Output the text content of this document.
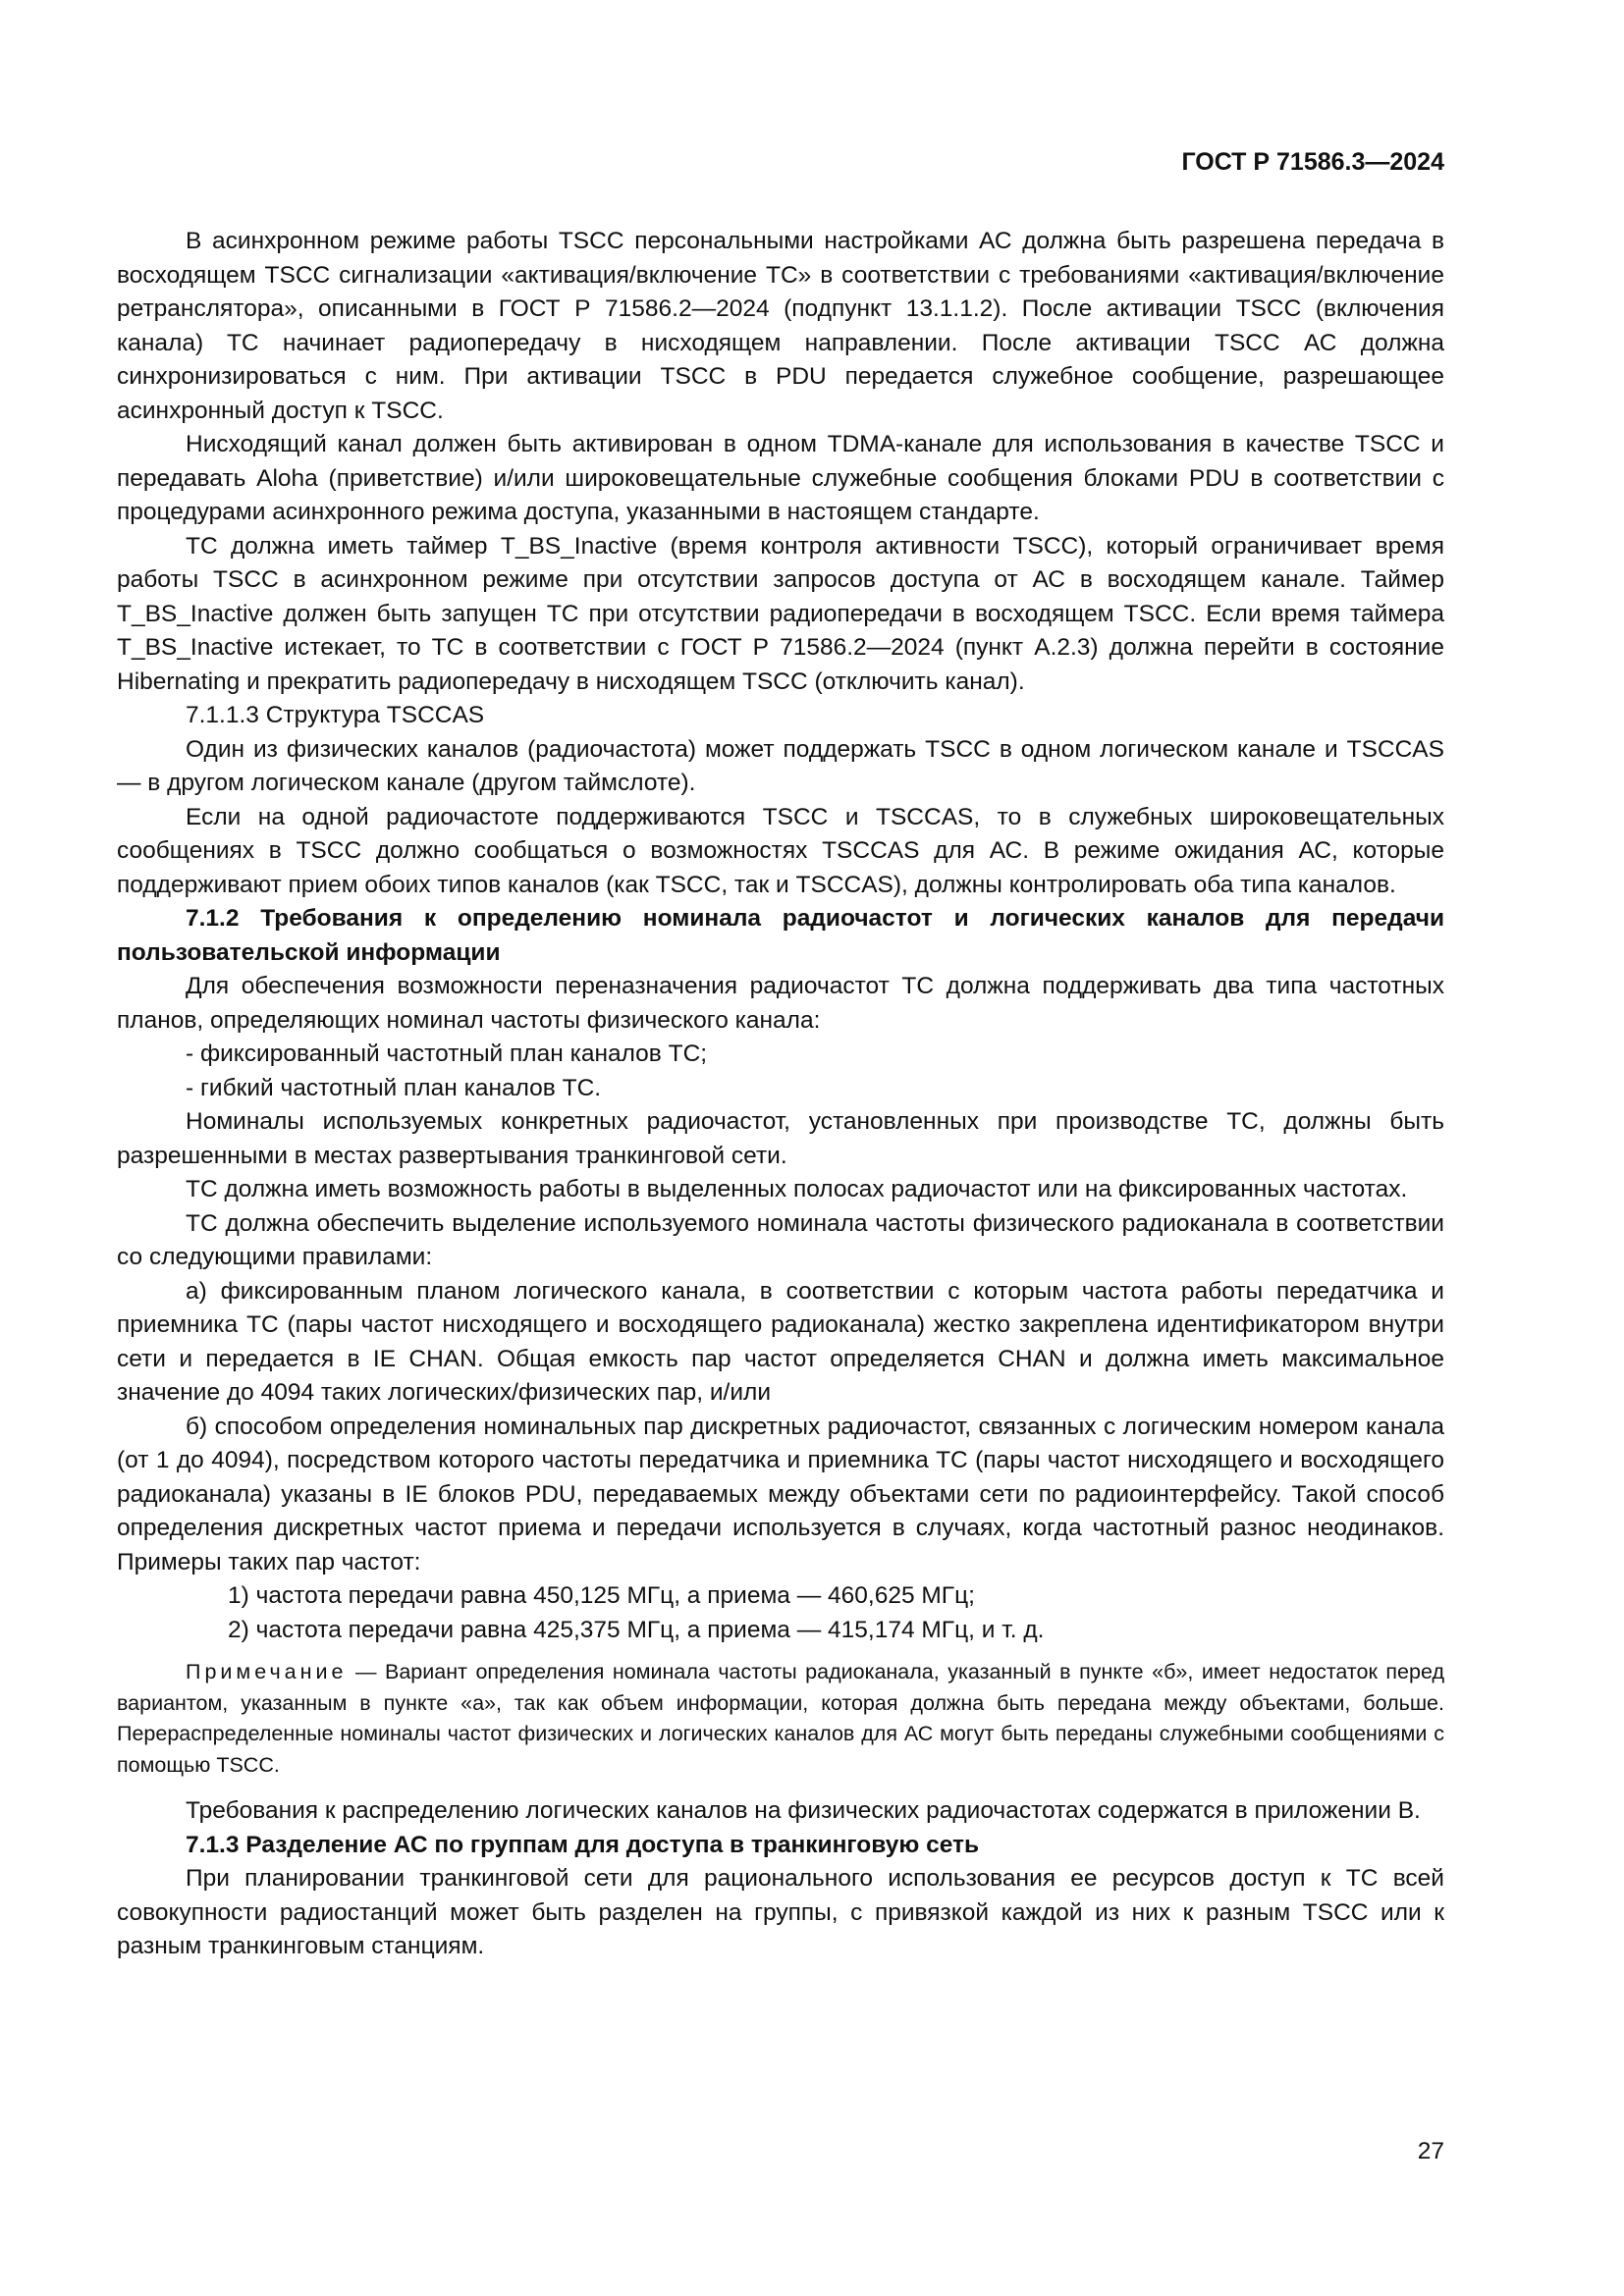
ГОСТ Р 71586.3—2024

В асинхронном режиме работы TSCC персональными настройками АС должна быть разрешена передача в восходящем TSCC сигнализации «активация/включение TC» в соответствии с требованиями «активация/включение ретранслятора», описанными в ГОСТ Р 71586.2—2024 (подпункт 13.1.1.2). После активации TSCC (включения канала) TC начинает радиопередачу в нисходящем направлении. После активации TSCC АС должна синхронизироваться с ним. При активации TSCC в PDU передается служебное сообщение, разрешающее асинхронный доступ к TSCC.

Нисходящий канал должен быть активирован в одном TDMA-канале для использования в качестве TSCC и передавать Aloha (приветствие) и/или широковещательные служебные сообщения блоками PDU в соответствии с процедурами асинхронного режима доступа, указанными в настоящем стандарте.

TC должна иметь таймер T_BS_Inactive (время контроля активности TSCC), который ограничивает время работы TSCC в асинхронном режиме при отсутствии запросов доступа от АС в восходящем канале. Таймер T_BS_Inactive должен быть запущен TC при отсутствии радиопередачи в восходящем TSCC. Если время таймера T_BS_Inactive истекает, то TC в соответствии с ГОСТ Р 71586.2—2024 (пункт А.2.3) должна перейти в состояние Hibernating и прекратить радиопередачу в нисходящем TSCC (отключить канал).

7.1.1.3 Структура TSCCAS

Один из физических каналов (радиочастота) может поддержать TSCC в одном логическом канале и TSCCAS — в другом логическом канале (другом таймслоте).

Если на одной радиочастоте поддерживаются TSCC и TSCCAS, то в служебных широковещательных сообщениях в TSCC должно сообщаться о возможностях TSCCAS для АС. В режиме ожидания АС, которые поддерживают прием обоих типов каналов (как TSCC, так и TSCCAS), должны контролировать оба типа каналов.

7.1.2 Требования к определению номинала радиочастот и логических каналов для передачи пользовательской информации

Для обеспечения возможности переназначения радиочастот TC должна поддерживать два типа частотных планов, определяющих номинал частоты физического канала:

- фиксированный частотный план каналов TC;

- гибкий частотный план каналов TC.

Номиналы используемых конкретных радиочастот, установленных при производстве TC, должны быть разрешенными в местах развертывания транкинговой сети.

TC должна иметь возможность работы в выделенных полосах радиочастот или на фиксированных частотах.

TC должна обеспечить выделение используемого номинала частоты физического радиоканала в соответствии со следующими правилами:

а) фиксированным планом логического канала, в соответствии с которым частота работы передатчика и приемника TC (пары частот нисходящего и восходящего радиоканала) жестко закреплена идентификатором внутри сети и передается в IE CHAN. Общая емкость пар частот определяется CHAN и должна иметь максимальное значение до 4094 таких логических/физических пар, и/или

б) способом определения номинальных пар дискретных радиочастот, связанных с логическим номером канала (от 1 до 4094), посредством которого частоты передатчика и приемника TC (пары частот нисходящего и восходящего радиоканала) указаны в IE блоков PDU, передаваемых между объектами сети по радиоинтерфейсу. Такой способ определения дискретных частот приема и передачи используется в случаях, когда частотный разнос неодинаков. Примеры таких пар частот:

1) частота передачи равна 450,125 МГц, а приема — 460,625 МГц;

2) частота передачи равна 425,375 МГц, а приема — 415,174 МГц, и т. д.

Примечание — Вариант определения номинала частоты радиоканала, указанный в пункте «б», имеет недостаток перед вариантом, указанным в пункте «а», так как объем информации, которая должна быть передана между объектами, больше. Перераспределенные номиналы частот физических и логических каналов для АС могут быть переданы служебными сообщениями с помощью TSCC.

Требования к распределению логических каналов на физических радиочастотах содержатся в приложении В.

7.1.3 Разделение АС по группам для доступа в транкинговую сеть

При планировании транкинговой сети для рационального использования ее ресурсов доступ к TC всей совокупности радиостанций может быть разделен на группы, с привязкой каждой из них к разным TSCC или к разным транкинговым станциям.

27
